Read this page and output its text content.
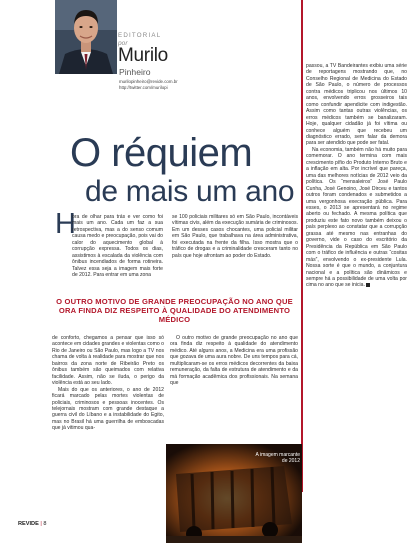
EDITORIAL
por
Murilo
Pinheiro
murilopinheiro@revide.com.br
http://twitter.com/murilopi
O réquiem
de mais um ano
H

ora de olhar para trás e ver como foi mais um ano. Cada um faz a sua retrospectiva, mas a do senso comum causa medo e preocupação, pois vai do calor do aquecimento global à corrupção expressa. Todos os dias, assistimos à escalada da violência com ônibus incendiados de forma rotineira. Talvez essa seja a imagem mais forte de 2012. Para entrar em uma zona

se 100 policiais militares só em São Paulo, incontáveis vítimas civis, além da execução sumária de criminosos. Em um desses casos chocantes, uma policial militar em São Paulo, que trabalhava na área administrativa, foi executada na frente da filha. Isso mostra que o tráfico de drogas e a criminalidade cresceram tanto no país que hoje afrontam ao poder do Estado.

O OUTRO MOTIVO DE GRANDE PREOCUPAÇÃO NO ANO QUE ORA FINDA DIZ RESPEITO À QUALIDADE DO ATENDIMENTO MÉDICO

de conforto, chegamos a pensar que isso só acontece em cidades grandes e violentas como o Rio de Janeiro ou São Paulo, mas logo a TV nos chama de volta à realidade para mostrar que nos bairros da zona norte de Ribeirão Preto os ônibus também são queimados com relativa facilidade. Assim, não se iluda, o perigo da violência está ao seu lado.

Mais do que os anteriores, o ano de 2012 ficará marcado pelas mortes violentas de policiais, criminosos e pessoas inocentes. Os telejornais mostram com grande destaque a guerra civil do Líbano e a instabilidade do Egito, mas no Brasil há uma guerrilha de emboscadas que já vitimou qua-

O outro motivo de grande preocupação no ano que ora finda diz respeito à qualidade do atendimento médico. Até alguns anos, a Medicina era uma profissão que gozava de uma aura nobre. De uns tempos para cá, multiplicaram-se os erros médicos decorrentes da baixa remuneração, da falta de estrutura de atendimento e da má formação acadêmica dos profissionais. Na semana que

passou, a TV Bandeirantes exibiu uma série de reportagens mostrando que, no Conselho Regional de Medicina do Estado de São Paulo, o número de processos contra médicos triplicou nos últimos 10 anos, envolvendo erros grosseiros tais como confundir apendicite com indigestão. Assim como tantas outras violências, os erros médicos também se banalizaram. Hoje, qualquer cidadão já foi vítima ou conhece alguém que recebeu um diagnóstico errado, sem falar da demora para ser atendido que pode ser fatal.

Na economia, também não há muito para comemorar. O ano termina com mais crescimento pífio do Produto Interno Bruto e a inflação em alta. Por incrível que pareça, uma das melhores notícias de 2012 veio da política. Os “mensaleiros” José Paulo Cunha, José Genoino, José Dirceu e tantos outros foram condenados e submetidos a uma vergonhosa execração pública. Para esses, o 2013 se apresentará no regime aberto ou fechado. A mesma política que produziu este fato novo também deixou o país perplexo ao constatar que a corrupção grassa até mesmo nas entranhas do governo, vide o caso do escritório da Presidência da República em São Paulo com o tráfico de influência e outras “cositas más”, envolvendo o ex-presidente Lula. Nossa sorte é que o mundo, a conjuntura nacional e a política são dinâmicos e sempre há a possibilidade de uma volta por cima no ano que se inicia.

A imagem marcante de 2012
REVIDE | 8
